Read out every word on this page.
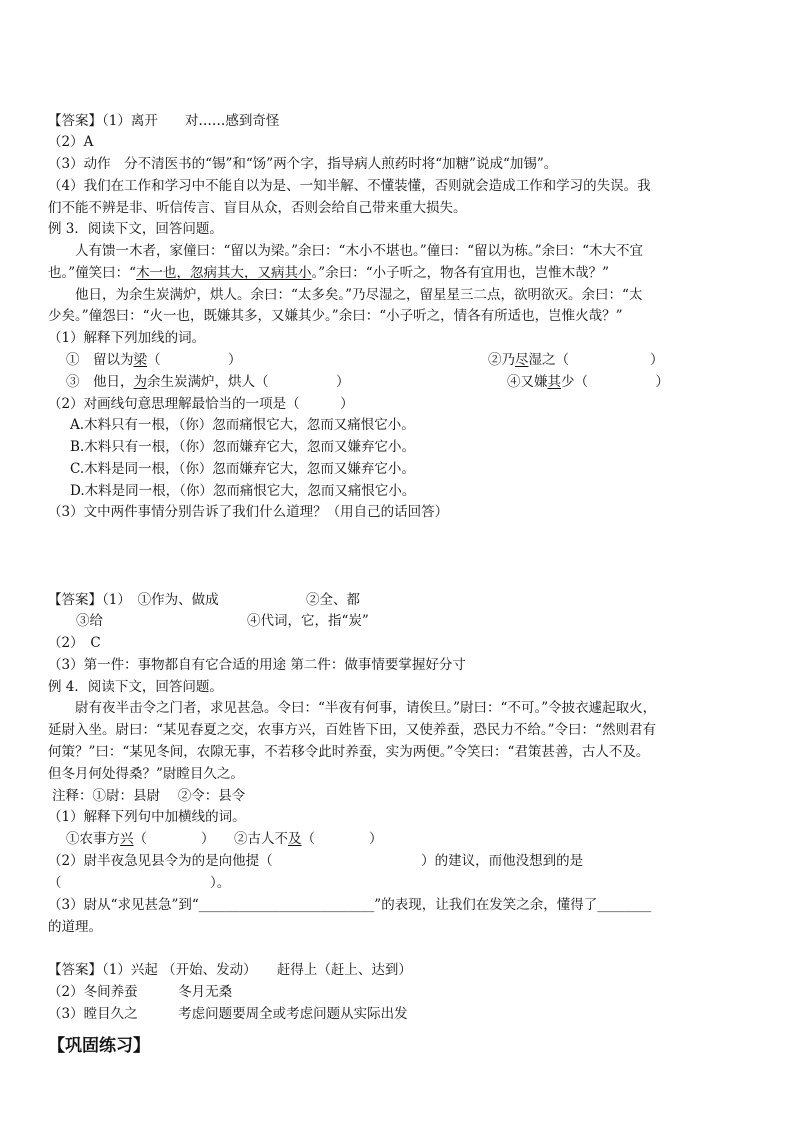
【答案】（1）离开　　对……感到奇怪
（2）A
（3）动作　分不清医书的“锡”和“饧”两个字，指导病人煎药时将“加糖”说成“加锡”。
（4）我们在工作和学习中不能自以为是、一知半解、不懂装懂，否则就会造成工作和学习的失误。我
们不能不辨是非、听信传言、盲目从众，否则会给自己带来重大损失。
例 3．阅读下文，回答问题。
　　人有馈一木者，家僮曰：“留以为梁。”余曰：“木小不堪也。”僮曰：“留以为栋。”余曰：“木大不宜
也。”僮笑曰：“木一也，忽病其大，又病其小。”余曰：“小子听之，物各有宜用也，岂惟木哉？”
　　他日，为余生炭满炉，烘人。余曰：“太多矣。”乃尽湿之，留星星三二点，欲明欲灭。余曰：“太
少矣。”僮怨曰：“火一也，既嫌其多，又嫌其少。”余曰：“小子听之，情各有所适也，岂惟火哉？”
（1）解释下列加线的词。
①　留以为梁（　　　　　）	②乃尽湿之（　　　　　　）
③　他日，为余生炭满炉，烘人（　　　　　）	④又嫌其少（　　　　　）
（2）对画线句意思理解最恰当的一项是（　　　）
A.木料只有一根，（你）忽而痛恨它大，忽而又痛恨它小。
B.木料只有一根，（你）忽而嫌弃它大，忽而又嫌弃它小。
C.木料是同一根，（你）忽而嫌弃它大，忽而又嫌弃它小。
D.木料是同一根，（你）忽而痛恨它大，忽而又痛恨它小。
（3）文中两件事情分别告诉了我们什么道理？（用自己的话回答）
【答案】（1）　①作为、做成	②全、都
③给	④代词，它，指“炭”
（2）　C
（3）第一件：事物都自有它合适的用途 第二件：做事情要掌握好分寸
例 4．阅读下文，回答问题。
　　尉有夜半击令之门者，求见甚急。令曰：“半夜有何事，请俟旦。”尉曰：“不可。”令披衣遽起取火，
延尉入坐。尉曰：“某见春夏之交，农事方兴，百姓皆下田，又使养蚕，恐民力不给。”令曰：“然则君有
何策？”曰：“某见冬间，农隙无事，不若移令此时养蚕，实为两便。”令笑曰：“君策甚善，古人不及。
但冬月何处得桑？”尉瞠目久之。
注释：①尉：县尉　 ②令：县令
（1）解释下列句中加横线的词。
①农事方兴（　　　　） ②古人不及（　　　　）
（2）尉半夜急见县令为的是向他提（　　　　　　　　　　　）的建议，而他没想到的是
（　　　　　　　　　　　）。
（3）尉从“求见甚急”到“__________________________”的表现，让我们在发笑之余，懂得了________
的道理。
【答案】（1）兴起 （开始、发动）　　赶得上（赶上、达到）
（2）冬间养蚕　　　冬月无桑
（3）瞠目久之　　　考虑问题要周全或考虑问题从实际出发
【巩固练习】
